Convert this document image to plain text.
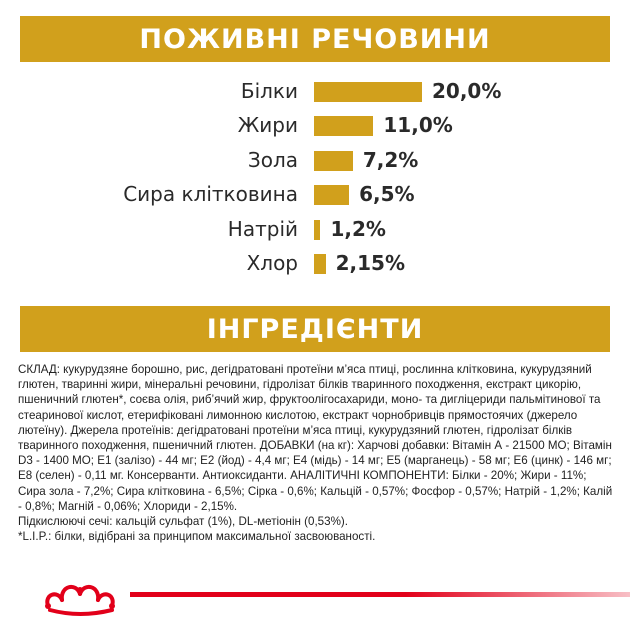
ПОЖИВНІ РЕЧОВИНИ
Білки	20,0%
Жири	11,0%
Зола	7,2%
Сира клітковина	6,5%
Натрій 1,2%
Хлор 2,15%
ІНГРЕДІЄНТИ

СКЛАД: кукурудзяне борошно, рис, дегідратовані протеїни м’яса птиці, рослинна клітковина, кукурудзяний глютен, тваринні жири, мінеральні речовини, гідролізат білків тваринного походження, екстракт цикорію, пшеничний глютен*, соєва олія, риб’ячий жир, фруктоолігосахариди, моно- та дигліцериди пальмітинової та стеаринової кислот, етерифіковані лимонною кислотою, екстракт чорнобривців прямостоячих (джерело лютеїну). Джерела протеїнів: дегідратовані протеїни м’яса птиці, кукурудзяний глютен, гідролізат білків тваринного походження, пшеничний глютен. ДОБАВКИ (на кг): Харчові добавки: Вітамін А - 21500 МО; Вітамін D3 - 1400 МО; Е1 (залізо) - 44 мг; Е2 (йод) - 4,4 мг; Е4 (мідь) - 14 мг; Е5 (марганець) - 58 мг; Е6 (цинк) - 146 мг; Е8 (селен) - 0,11 мг. Консерванти. Антиоксиданти. АНАЛІТИЧНІ КОМПОНЕНТИ: Білки - 20%; Жири - 11%; Сира зола - 7,2%; Сира клітковина - 6,5%; Сірка - 0,6%; Кальцій - 0,57%; Фосфор - 0,57%; Натрій - 1,2%; Калій - 0,8%; Магній - 0,06%; Хлориди - 2,15%.

Підкислюючі сечі: кальцій сульфат (1%), DL-метіонін (0,53%).

*L.I.P.: білки, відібрані за принципом максимальної засвоюваності.
